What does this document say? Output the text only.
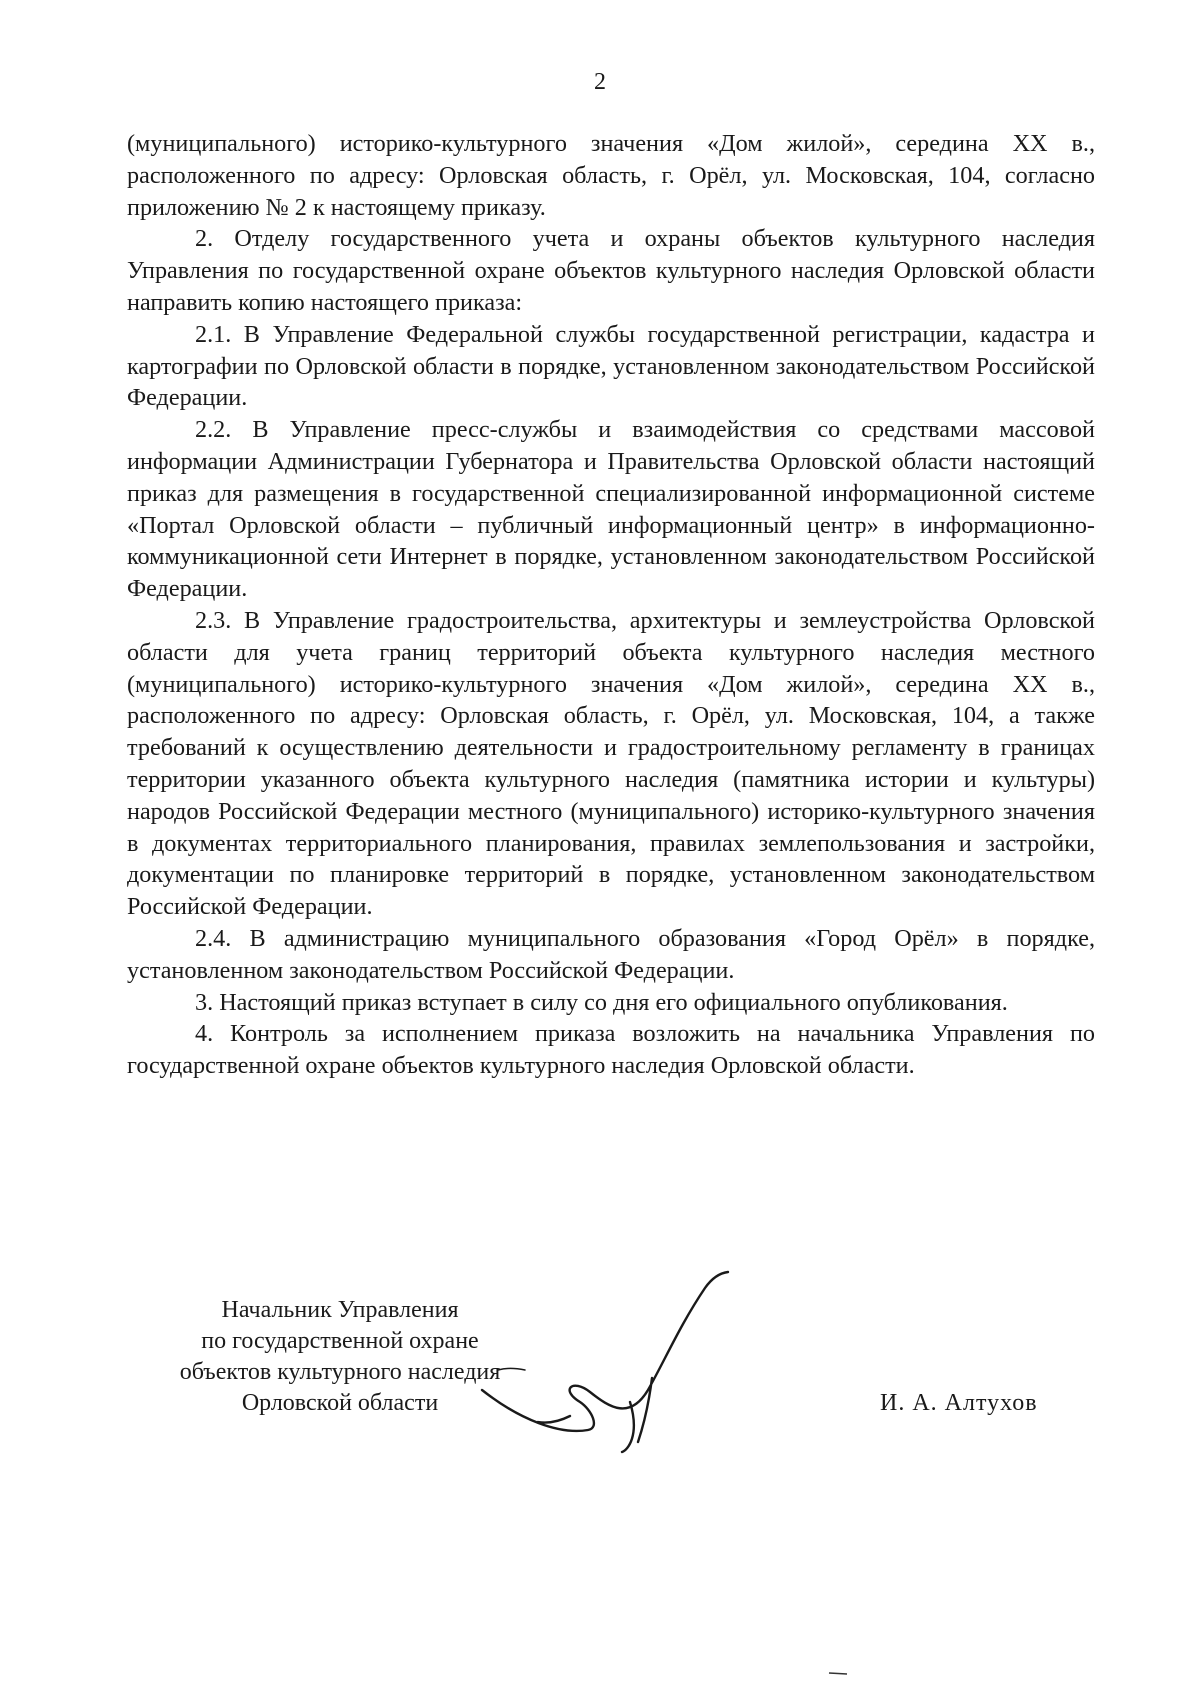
2

(муниципального) историко-культурного значения «Дом жилой», середина XX в., расположенного по адресу: Орловская область, г. Орёл, ул. Московская, 104, согласно приложению № 2 к настоящему приказу.

2. Отделу государственного учета и охраны объектов культурного наследия Управления по государственной охране объектов культурного наследия Орловской области направить копию настоящего приказа:

2.1. В Управление Федеральной службы государственной регистрации, кадастра и картографии по Орловской области в порядке, установленном законодательством Российской Федерации.

2.2. В Управление пресс-службы и взаимодействия со средствами массовой информации Администрации Губернатора и Правительства Орловской области настоящий приказ для размещения в государственной специализированной информационной системе «Портал Орловской области – публичный информационный центр» в информационно-коммуникационной сети Интернет в порядке, установленном законодательством Российской Федерации.

2.3. В Управление градостроительства, архитектуры и землеустройства Орловской области для учета границ территорий объекта культурного наследия местного (муниципального) историко-культурного значения «Дом жилой», середина XX в., расположенного по адресу: Орловская область, г. Орёл, ул. Московская, 104, а также требований к осуществлению деятельности и градостроительному регламенту в границах территории указанного объекта культурного наследия (памятника истории и культуры) народов Российской Федерации местного (муниципального) историко-культурного значения в документах территориального планирования, правилах землепользования и застройки, документации по планировке территорий в порядке, установленном законодательством Российской Федерации.

2.4. В администрацию муниципального образования «Город Орёл» в порядке, установленном законодательством Российской Федерации.

3. Настоящий приказ вступает в силу со дня его официального опубликования.

4. Контроль за исполнением приказа возложить на начальника Управления по государственной охране объектов культурного наследия Орловской области.

Начальник Управления
по государственной охране
объектов культурного наследия
Орловской области	И. А. Алтухов
